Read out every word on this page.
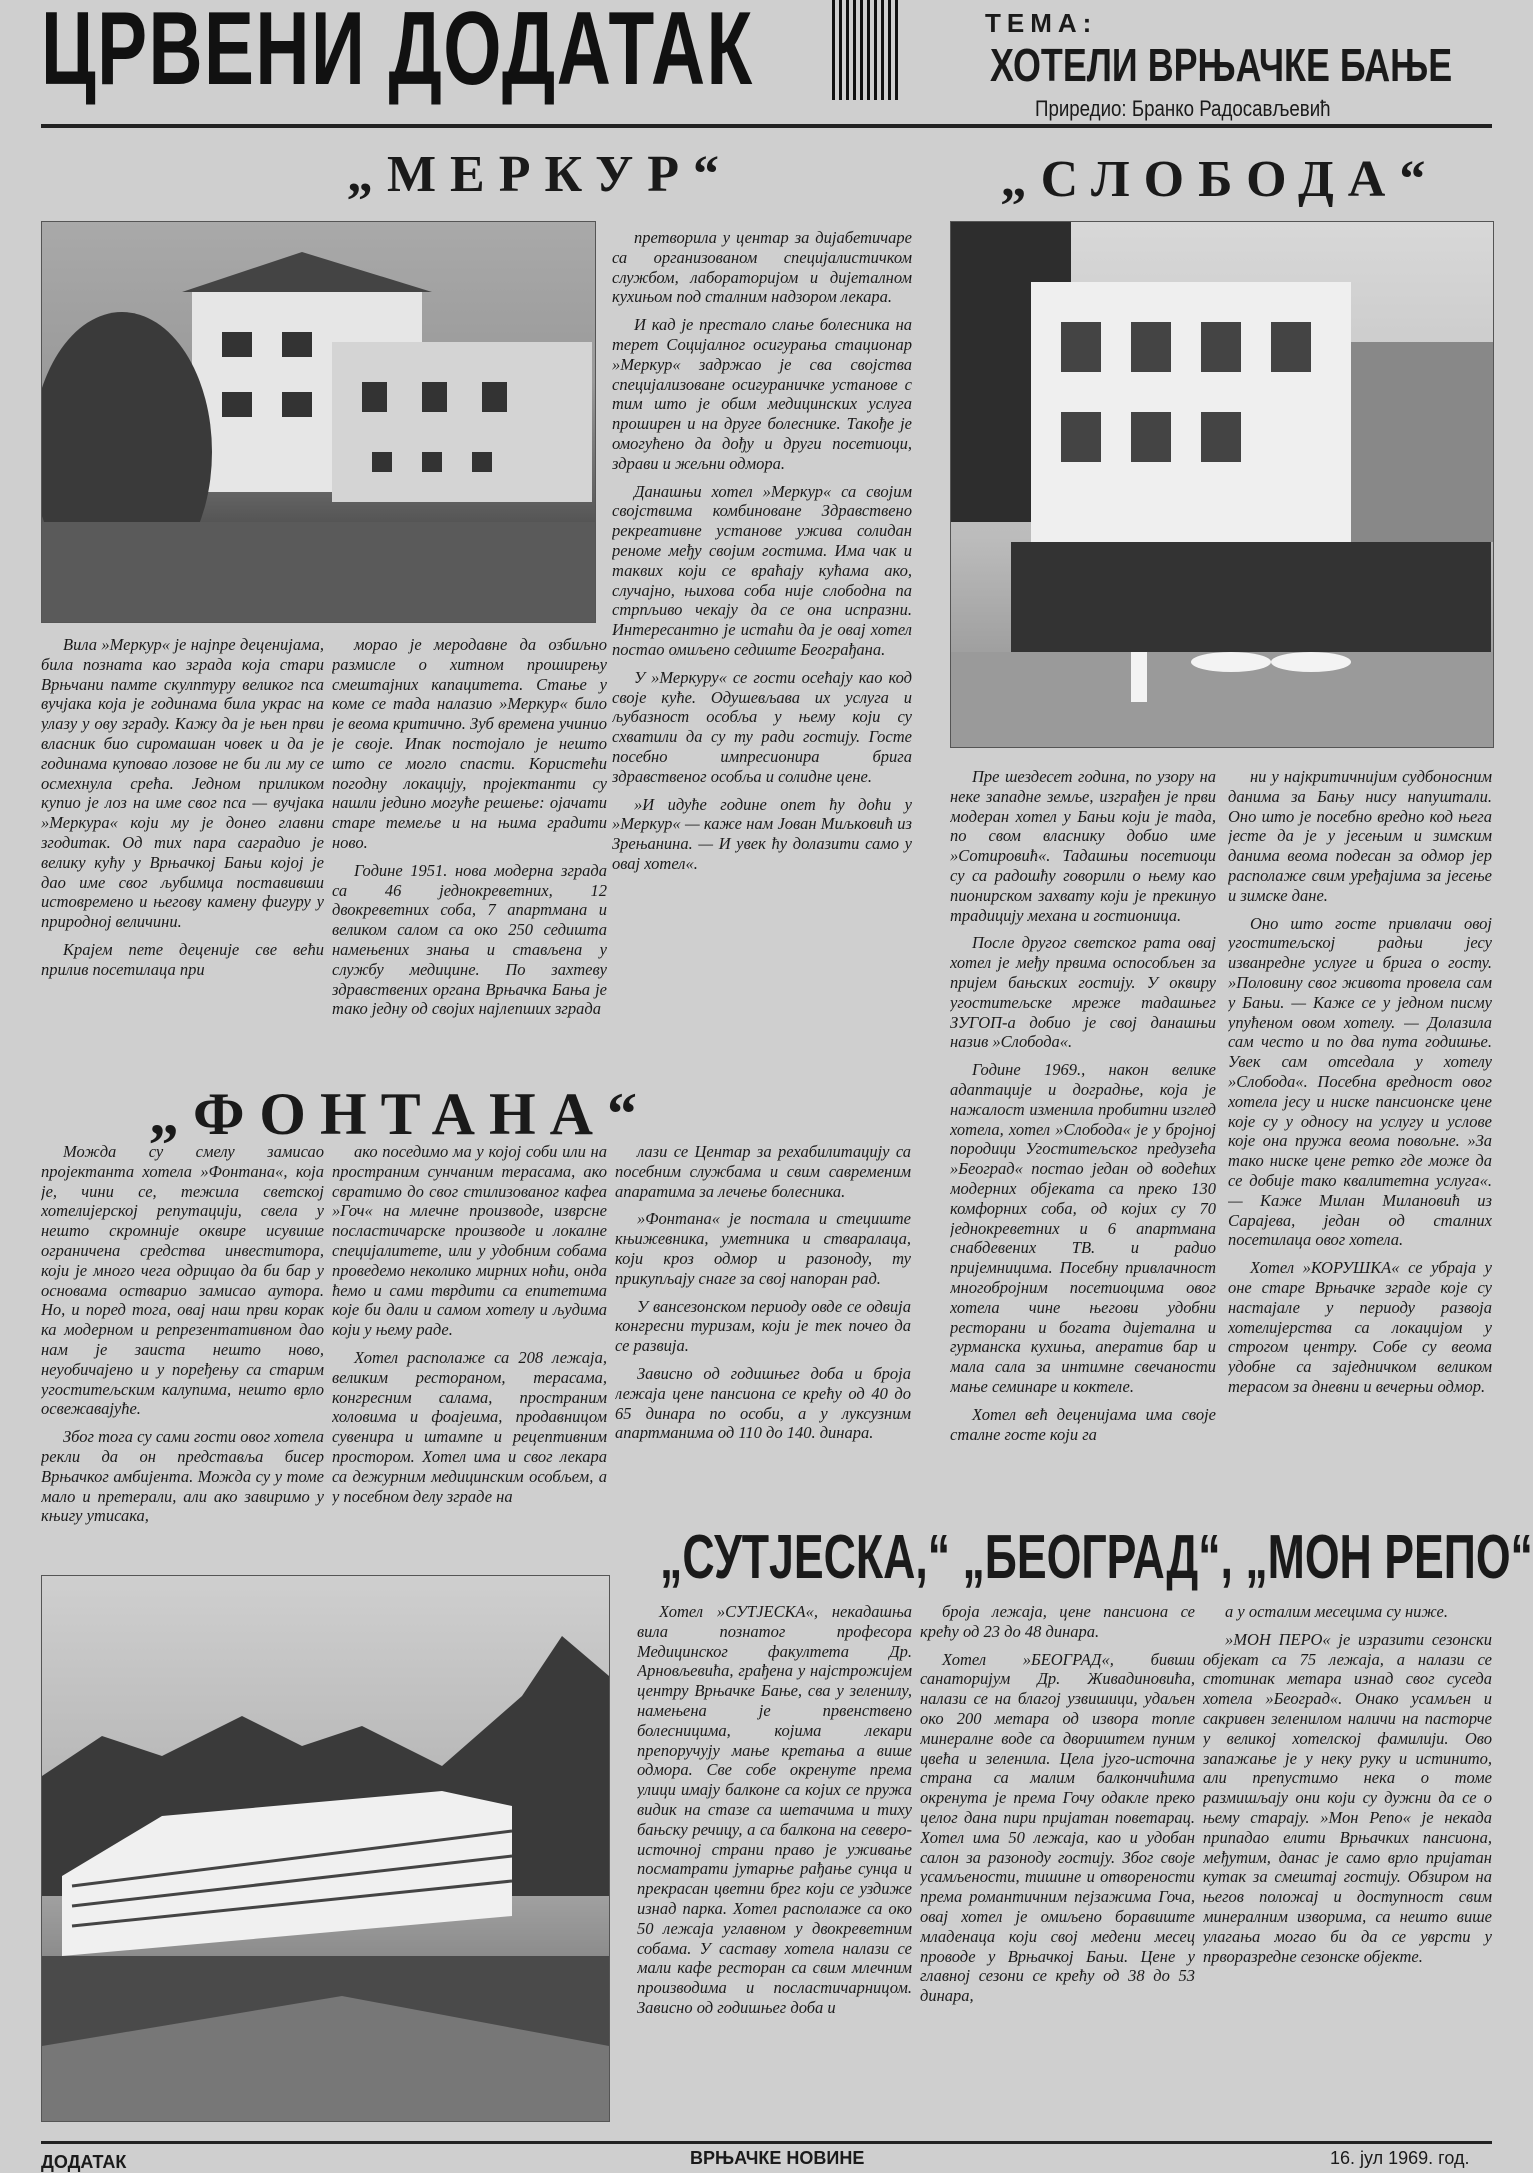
ЦРВЕНИ ДОДАТАК	ТЕМА:
ХОТЕЛИ ВРЊАЧКЕ БАЊЕ
Приредио: Бранко Радосављевић
„МЕРКУР“

Вила »Меркур« је најпре деценијама, била позната као зграда која стари Врњчани памте скулптуру великог пса вучјака која је годинама била украс на улазу у ову зграду. Кажу да је њен први власник био сиромашан човек и да је годинама куповао лозове не би ли му се осмехнула срећа. Једном приликом купио је лоз на име свог пса — вучјака »Меркура« који му је донео главни згодитак. Од тих пара саградио је велику кућу у Врњачкој Бањи којој је дао име свог љубимца поставивши истовремено и његову камену фигуру у природној величини.

Крајем пете деценије све већи прилив посетилаца при

морао је меродавне да озбиљно размисле о хитном проширењу смештајних капацитета. Стање у коме се тада налазио »Меркур« било је веома критично. Зуб времена учинио је своје. Ипак постојало је нешто што се могло спасти. Користећи погодну локацију, пројектанти су нашли једино могуће решење: ојачати старе темеље и на њима градити ново.

Године 1951. нова модерна зграда са 46 једнокреветних, 12 двокреветних соба, 7 апартмана и великом салом са око 250 седишта намењених знања и стављена у службу медицине. По захтеву здравствених органа Врњачка Бања је тако једну од својих најлепших зграда

претворила у центар за дијабетичаре са организованом специјалистичком службом, лабораторијом и дијеталном кухињом под сталним надзором лекара.

И кад је престало слање болесника на терет Социјалног осигурања стационар »Меркур« задржао је сва својства специјализоване осигураничке установе с тим што је обим медицинских услуга проширен и на друге болеснике. Такође је омогућено да дођу и други посетиоци, здрави и жељни одмора.

Данашњи хотел »Меркур« са својим својствима комбиноване Здравствено рекреативне установе ужива солидан реноме међу својим гостима. Има чак и таквих који се враћају кућама ако, случајно, њихова соба није слободна па стрпљиво чекају да се она испразни. Интересантно је истаћи да је овај хотел постао омиљено седиште Београђана.

У »Меркуру« се гости осећају као код своје куће. Одушевљава их услуга и љубазност особља у њему који су схватили да су ту ради гостију. Госте посебно импресионира брига здравственог особља и солидне цене.

»И идуће године опет ћу доћи у »Меркур« — каже нам Јован Миљковић из Зрењанина. — И увек ћу долазити само у овај хотел«.

„СЛОБОДА“

Пре шездесет година, по узору на неке западне земље, изграђен је први модеран хотел у Бањи који је тада, по свом власнику добио име »Сотировић«. Тадашњи посетиоци су са радошћу говорили о њему као пионирском захвату који је прекинуо традицију механа и гостионица.

После другог светског рата овај хотел је међу првима оспособљен за пријем бањских гостију. У оквиру угоститељске мреже тадашњег ЗУГОП-а добио је свој данашњи назив »Слобода«.

Године 1969., након велике адаптације и доградње, која је нажалост изменила пробитни изглед хотела, хотел »Слобода« је у бројној породици Угоститељског предузећа »Београд« постао један од водећих модерних објеката са преко 130 комфорних соба, од којих су 70 једнокреветних и 6 апартмана снабдевених ТВ. и радио пријемницима. Посебну привлачност многобројним посетиоцима овог хотела чине његови удобни ресторани и богата дијетална и гурманска кухиња, аператив бар и мала сала за интимне свечаности мање семинаре и коктеле.

Хотел већ деценијама има своје сталне госте који га

ни у најкритичнијим судбоносним данима за Бању нису напуштали. Оно што је посебно вредно код њега јесте да је у јесењим и зимским данима веома подесан за одмор јер располаже свим уређајима за јесење и зимске дане.

Оно што госте привлачи овој угоститељској радњи јесу изванредне услуге и брига о госту. »Половину свог живота провела сам у Бањи. — Каже се у једном писму упућеном овом хотелу. — Долазила сам често и по два пута годишње. Увек сам отседала у хотелу »Слобода«. Посебна вредност овог хотела јесу и ниске пансионске цене које су у односу на услугу и услове које она пружа веома повољне. »За тако ниске цене ретко где може да се добије тако квалитетна услуга«. — Каже Милан Милановић из Сарајева, један од сталних посетилаца овог хотела.

Хотел »КОРУШКА« се убраја у оне старе Врњачке зграде које су настајале у периоду развоја хотелијерства са локацијом у строгом центру. Собе су веома удобне са заједничком великом терасом за дневни и вечерњи одмор.

„ФОНТАНА“

Можда су смелу замисао пројектанта хотела »Фонтана«, која је, чини се, тежила светској хотелијерској репутацији, свела у нешто скромније оквире исувише ограничена средства инвеститора, који је много чега одрицао да би бар у основама остварио замисао аутора. Но, и поред тога, овај наш први корак ка модерном и репрезентативном дао нам је заиста нешто ново, неуобичајено и у поређењу са старим угоститељским калупима, нешто врло освежавајуће.

Због тога су сами гости овог хотела рекли да он представља бисер Врњачког амбијента. Можда су у томе мало и претерали, али ако завиримо у књигу утисака,

ако поседимо ма у којој соби или на пространим сунчаним терасама, ако свратимо до свог стилизованог кафеа »Гоч« на млечне производе, изврсне посластичарске производе и локалне специјалитете, или у удобним собама проведемо неколико мирних ноћи, онда ћемо и сами тврдити са епитетима које би дали и самом хотелу и људима који у њему раде.

Хотел располаже са 208 лежаја, великим рестораном, терасама, конгресним салама, пространим холовима и фоајеима, продавницом сувенира и штампе и рецептивним простором. Хотел има и свог лекара са дежурним медицинским особљем, а у посебном делу зграде на

лази се Центар за рехабилитацију са посебним службама и свим савременим апаратима за лечење болесника.

»Фонтана« је постала и стециште књижевника, уметника и стваралаца, који кроз одмор и разоноду, ту прикупљају снаге за свој напоран рад.

У вансезонском периоду овде се одвија конгресни туризам, који је тек почео да се развија.

Зависно од годишњег доба и броја лежаја цене пансиона се крећу од 40 до 65 динара по особи, а у луксузним апартманима од 110 до 140. динара.

„СУТЈЕСКА,“ „БЕОГРАД“, „МОН РЕПО“

Хотел »СУТЈЕСКА«, некадашња вила познатог професора Медицинског факултета Др. Арновљевића, грађена у најстрожијем центру Врњачке Бање, сва у зеленилу, намењена је првенствено болесницима, којима лекари препоручују мање кретања а више одмора. Све собе окренуте према улици имају балконе са којих се пружа видик на стазе са шетачима и тиху бањску речицу, а са балкона на северо-источној страни право је уживање посматрати јутарње рађање сунца и прекрасан цветни брег који се уздиже изнад парка. Хотел располаже са око 50 лежаја углавном у двокреветним собама. У саставу хотела налази се мали кафе ресторан са свим млечним производима и посластичарницом. Зависно од годишњег доба и

броја лежаја, цене пансиона се крећу од 23 до 48 динара.

Хотел »БЕОГРАД«, бивши санаторијум Др. Живадиновића, налази се на благој узвишици, удаљен око 200 метара од извора топле минералне воде са двориштем пуним цвећа и зеленила. Цела југо-источна страна са малим балкончићима окренута је према Гочу одакле преко целог дана пири пријатан поветарац. Хотел има 50 лежаја, као и удобан салон за разоноду гостију. Због своје усамљености, тишине и отворености према романтичним пејзажима Гоча, овај хотел је омиљено боравиште младенаца који свој медени месец проводе у Врњачкој Бањи. Цене у главној сезони се крећу од 38 до 53 динара,

а у осталим месецима су ниже.

»МОН ПЕРО« је изразити сезонски објекат са 75 лежаја, а налази се стотинак метара изнад свог суседа хотела »Београд«. Онако усамљен и сакривен зеленилом наличи на пасторче у великој хотелској фамилији. Ово запажање је у неку руку и истинито, али препустимо некa о томе размишљају они који су дужни да се о њему старају. »Мон Репо« је некада припадао елити Врњачких пансиона, међутим, данас је само врло пријатан кутак за смештај гостију. Обзиром на његов положај и доступност свим минералним изворима, са нешто више улагања могао би да се уврсти у прворазредне сезонске објекте.

ДОДАТАК	ВРЊАЧКЕ НОВИНЕ	16. јул 1969. год.
